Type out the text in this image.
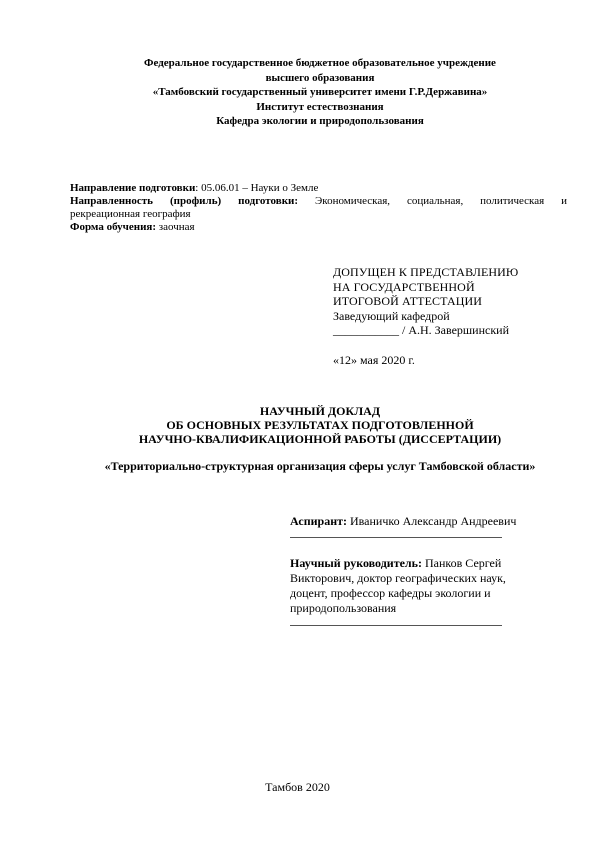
Федеральное государственное бюджетное образовательное учреждение
высшего образования
«Тамбовский государственный университет имени Г.Р.Державина»
Институт естествознания
Кафедра экологии и природопользования
Направление подготовки: 05.06.01 – Науки о Земле
Направленность (профиль) подготовки: Экономическая, социальная, политическая и
рекреационная география
Форма обучения: заочная
ДОПУЩЕН К ПРЕДСТАВЛЕНИЮ
НА ГОСУДАРСТВЕННОЙ
ИТОГОВОЙ АТТЕСТАЦИИ
Заведующий кафедрой
___________ / А.Н. Завершинский
«12» мая 2020 г.
НАУЧНЫЙ ДОКЛАД
ОБ ОСНОВНЫХ РЕЗУЛЬТАТАХ ПОДГОТОВЛЕННОЙ
НАУЧНО-КВАЛИФИКАЦИОННОЙ РАБОТЫ (ДИССЕРТАЦИИ)
«Территориально-структурная организация сферы услуг Тамбовской области»
Аспирант: Иваничко Александр Андреевич
Научный руководитель: Панков Сергей
Викторович, доктор географических наук,
доцент, профессор кафедры экологии и
природопользования
Тамбов 2020
